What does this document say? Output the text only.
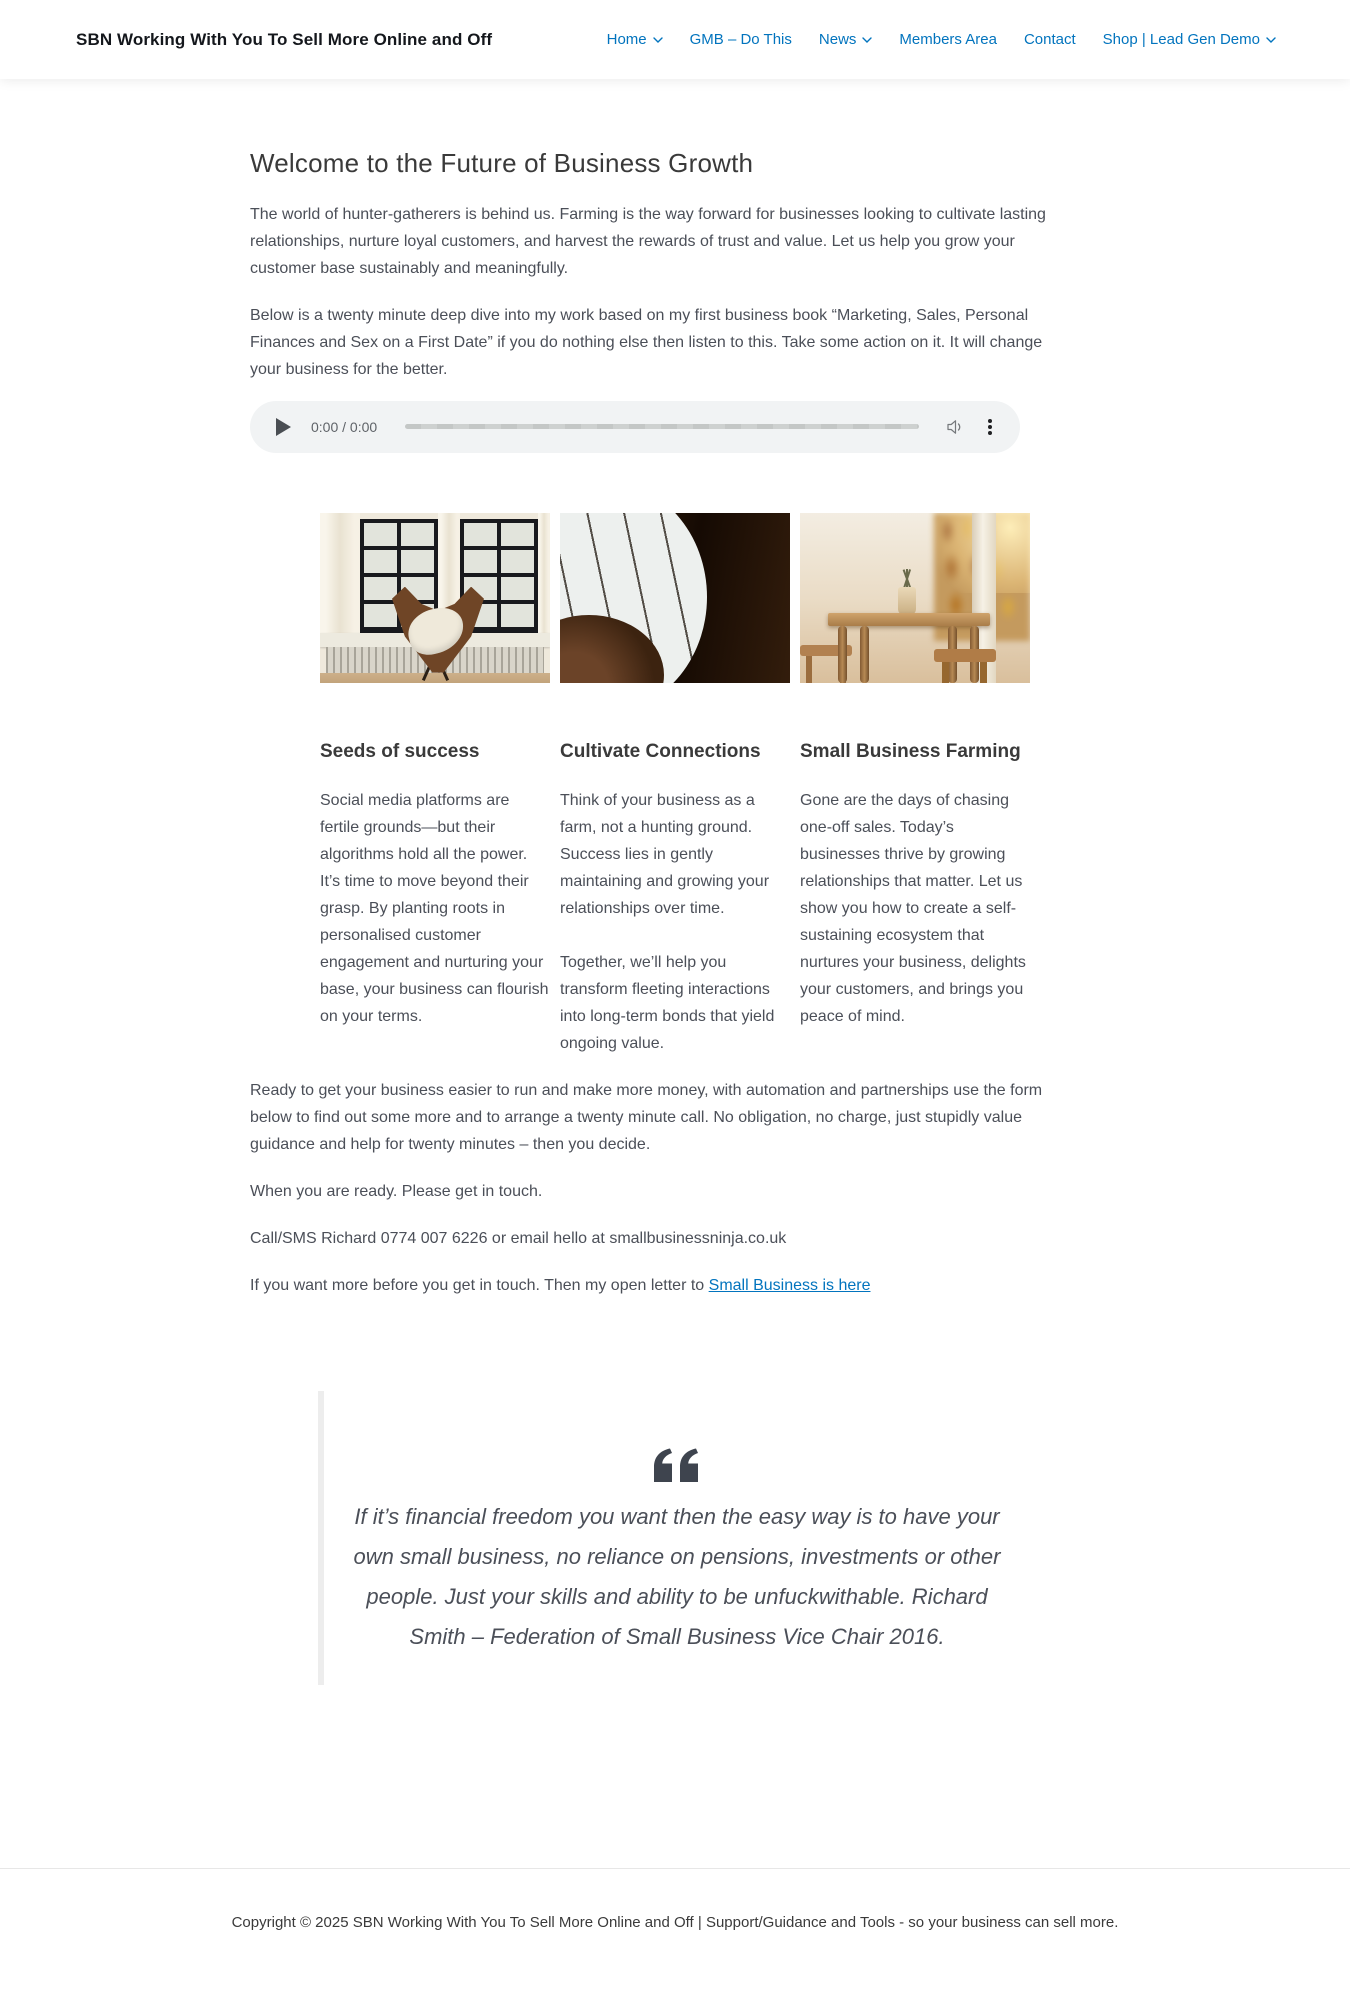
SBN Working With You To Sell More Online and Off	Home	GMB – Do This News	Members Area Contact Shop | Lead Gen Demo
Welcome to the Future of Business Growth

The world of hunter-gatherers is behind us. Farming is the way forward for businesses looking to cultivate lasting relationships, nurture loyal customers, and harvest the rewards of trust and value. Let us help you grow your customer base sustainably and meaningfully.

Below is a twenty minute deep dive into my work based on my first business book “Marketing, Sales, Personal Finances and Sex on a First Date” if you do nothing else then listen to this. Take some action on it. It will change your business for the better.

0:00 / 0:00
Seeds of success

Social media platforms are fertile grounds—but their algorithms hold all the power. It’s time to move beyond their grasp. By planting roots in personalised customer engagement and nurturing your base, your business can flourish on your terms.

Cultivate Connections

Think of your business as a farm, not a hunting ground. Success lies in gently maintaining and growing your relationships over time.

Together, we’ll help you transform fleeting interactions into long-term bonds that yield ongoing value.

Small Business Farming

Gone are the days of chasing one-off sales. Today’s businesses thrive by growing relationships that matter. Let us show you how to create a self-sustaining ecosystem that nurtures your business, delights your customers, and brings you peace of mind.

Ready to get your business easier to run and make more money, with automation and partnerships use the form below to find out some more and to arrange a twenty minute call. No obligation, no charge, just stupidly value guidance and help for twenty minutes – then you decide.

When you are ready. Please get in touch.

Call/SMS Richard 0774 007 6226 or email hello at smallbusinessninja.co.uk

If you want more before you get in touch. Then my open letter to Small Business is here

If it’s financial freedom you want then the easy way is to have your own small business, no reliance on pensions, investments or other people. Just your skills and ability to be unfuckwithable. Richard Smith – Federation of Small Business Vice Chair 2016.

Copyright © 2025 SBN Working With You To Sell More Online and Off | Support/Guidance and Tools - so your business can sell more.
